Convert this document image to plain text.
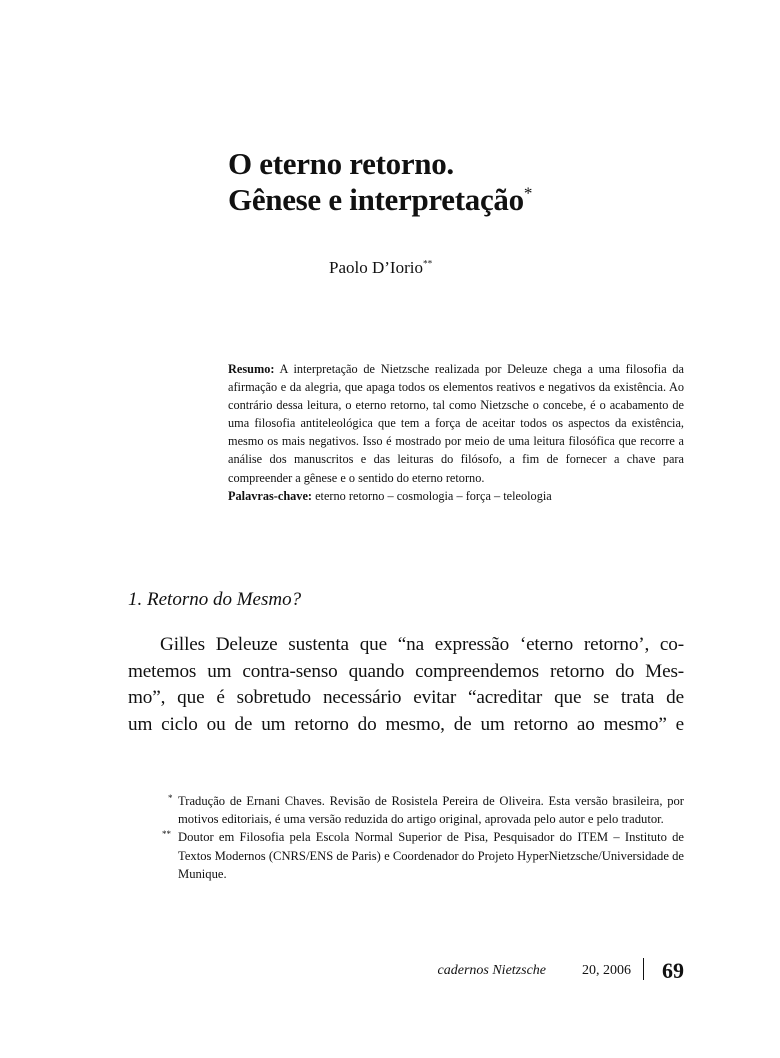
O eterno retorno.
Gênese e interpretação*
Paolo D’Iorio**

Resumo: A interpretação de Nietzsche realizada por Deleuze chega a uma filosofia da afirmação e da alegria, que apaga todos os elementos reativos e negativos da existência. Ao contrário dessa leitura, o eterno retorno, tal como Nietzsche o concebe, é o acabamento de uma filosofia antiteleológica que tem a força de aceitar todos os aspectos da existência, mesmo os mais negativos. Isso é mostrado por meio de uma leitura filosófica que recorre a análise dos manuscritos e das leituras do filósofo, a fim de fornecer a chave para compreender a gênese e o sentido do eterno retorno.

Palavras-chave: eterno retorno – cosmologia – força – teleologia

1. Retorno do Mesmo?
Gilles Deleuze sustenta que “na expressão ‘eterno retorno’, co-
metemos um contra-senso quando compreendemos retorno do Mes-
mo”, que é sobretudo necessário evitar “acreditar que se trata de
um ciclo ou de um retorno do mesmo, de um retorno ao mesmo” e

* Tradução de Ernani Chaves. Revisão de Rosistela Pereira de Oliveira. Esta versão brasileira, por motivos editoriais, é uma versão reduzida do artigo original, aprovada pelo autor e pelo tradutor.

** Doutor em Filosofia pela Escola Normal Superior de Pisa, Pesquisador do ITEM – Instituto de Textos Modernos (CNRS/ENS de Paris) e Coordenador do Projeto HyperNietzsche/Universidade de Munique.

cadernos Nietzsche	20, 2006 69
